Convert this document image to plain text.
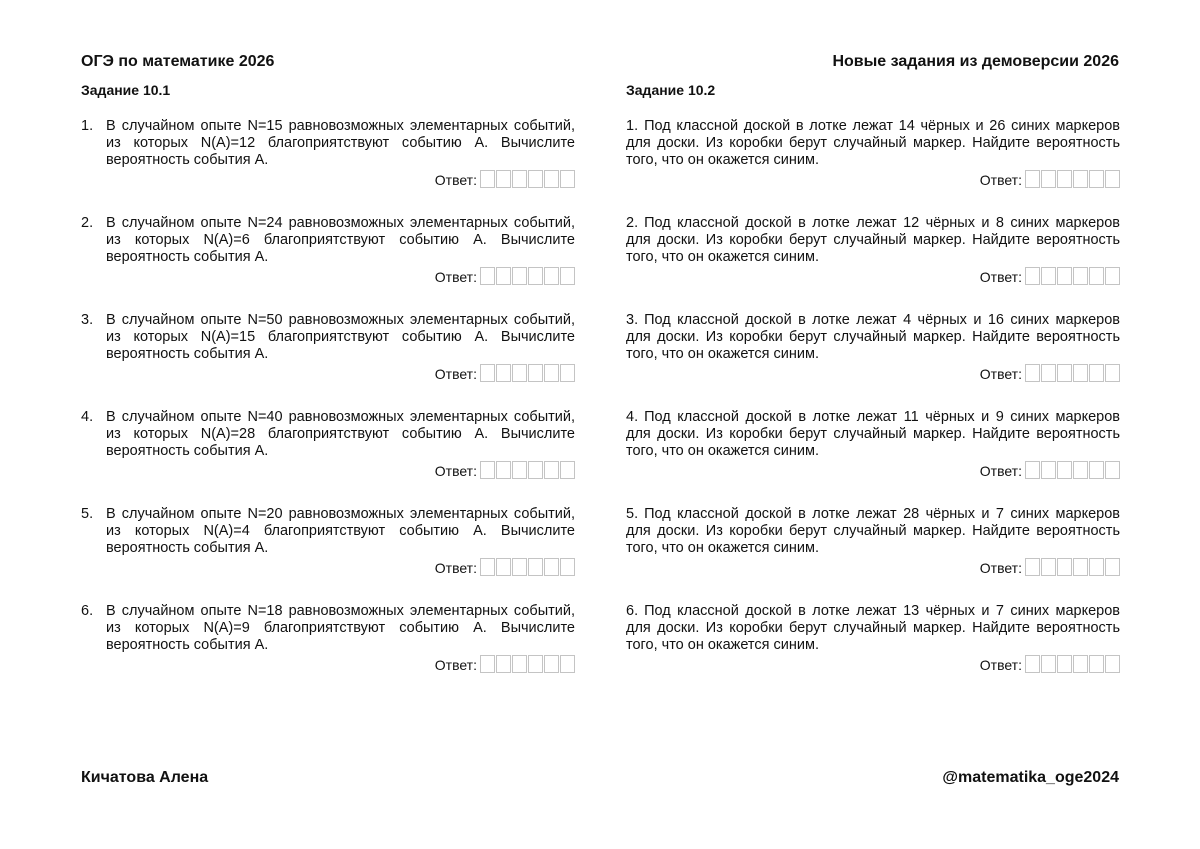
ОГЭ по математике 2026	Новые задания из демоверсии 2026
Задание 10.1

1. В случайном опыте N=15 равновозможных элементарных событий, из которых N(A)=12 благоприятствуют событию A. Вычислите вероятность события A.

Ответ:

2. В случайном опыте N=24 равновозможных элементарных событий, из которых N(A)=6 благоприятствуют событию A. Вычислите вероятность события A.

Ответ:

3. В случайном опыте N=50 равновозможных элементарных событий, из которых N(A)=15 благоприятствуют событию A. Вычислите вероятность события A.

Ответ:

4. В случайном опыте N=40 равновозможных элементарных событий, из которых N(A)=28 благоприятствуют событию A. Вычислите вероятность события A.

Ответ:

5. В случайном опыте N=20 равновозможных элементарных событий, из которых N(A)=4 благоприятствуют событию A. Вычислите вероятность события A.

Ответ:

6. В случайном опыте N=18 равновозможных элементарных событий, из которых N(A)=9 благоприятствуют событию A. Вычислите вероятность события A.

Ответ:
Задание 10.2

1. Под классной доской в лотке лежат 14 чёрных и 26 синих маркеров для доски. Из коробки берут случайный маркер. Найдите вероятность того, что он окажется синим.

Ответ:

2. Под классной доской в лотке лежат 12 чёрных и 8 синих маркеров для доски. Из коробки берут случайный маркер. Найдите вероятность того, что он окажется синим.

Ответ:

3. Под классной доской в лотке лежат 4 чёрных и 16 синих маркеров для доски. Из коробки берут случайный маркер. Найдите вероятность того, что он окажется синим.

Ответ:

4. Под классной доской в лотке лежат 11 чёрных и 9 синих маркеров для доски. Из коробки берут случайный маркер. Найдите вероятность того, что он окажется синим.

Ответ:

5. Под классной доской в лотке лежат 28 чёрных и 7 синих маркеров для доски. Из коробки берут случайный маркер. Найдите вероятность того, что он окажется синим.

Ответ:

6. Под классной доской в лотке лежат 13 чёрных и 7 синих маркеров для доски. Из коробки берут случайный маркер. Найдите вероятность того, что он окажется синим.

Ответ:
Кичатова Алена	@matematika_oge2024
